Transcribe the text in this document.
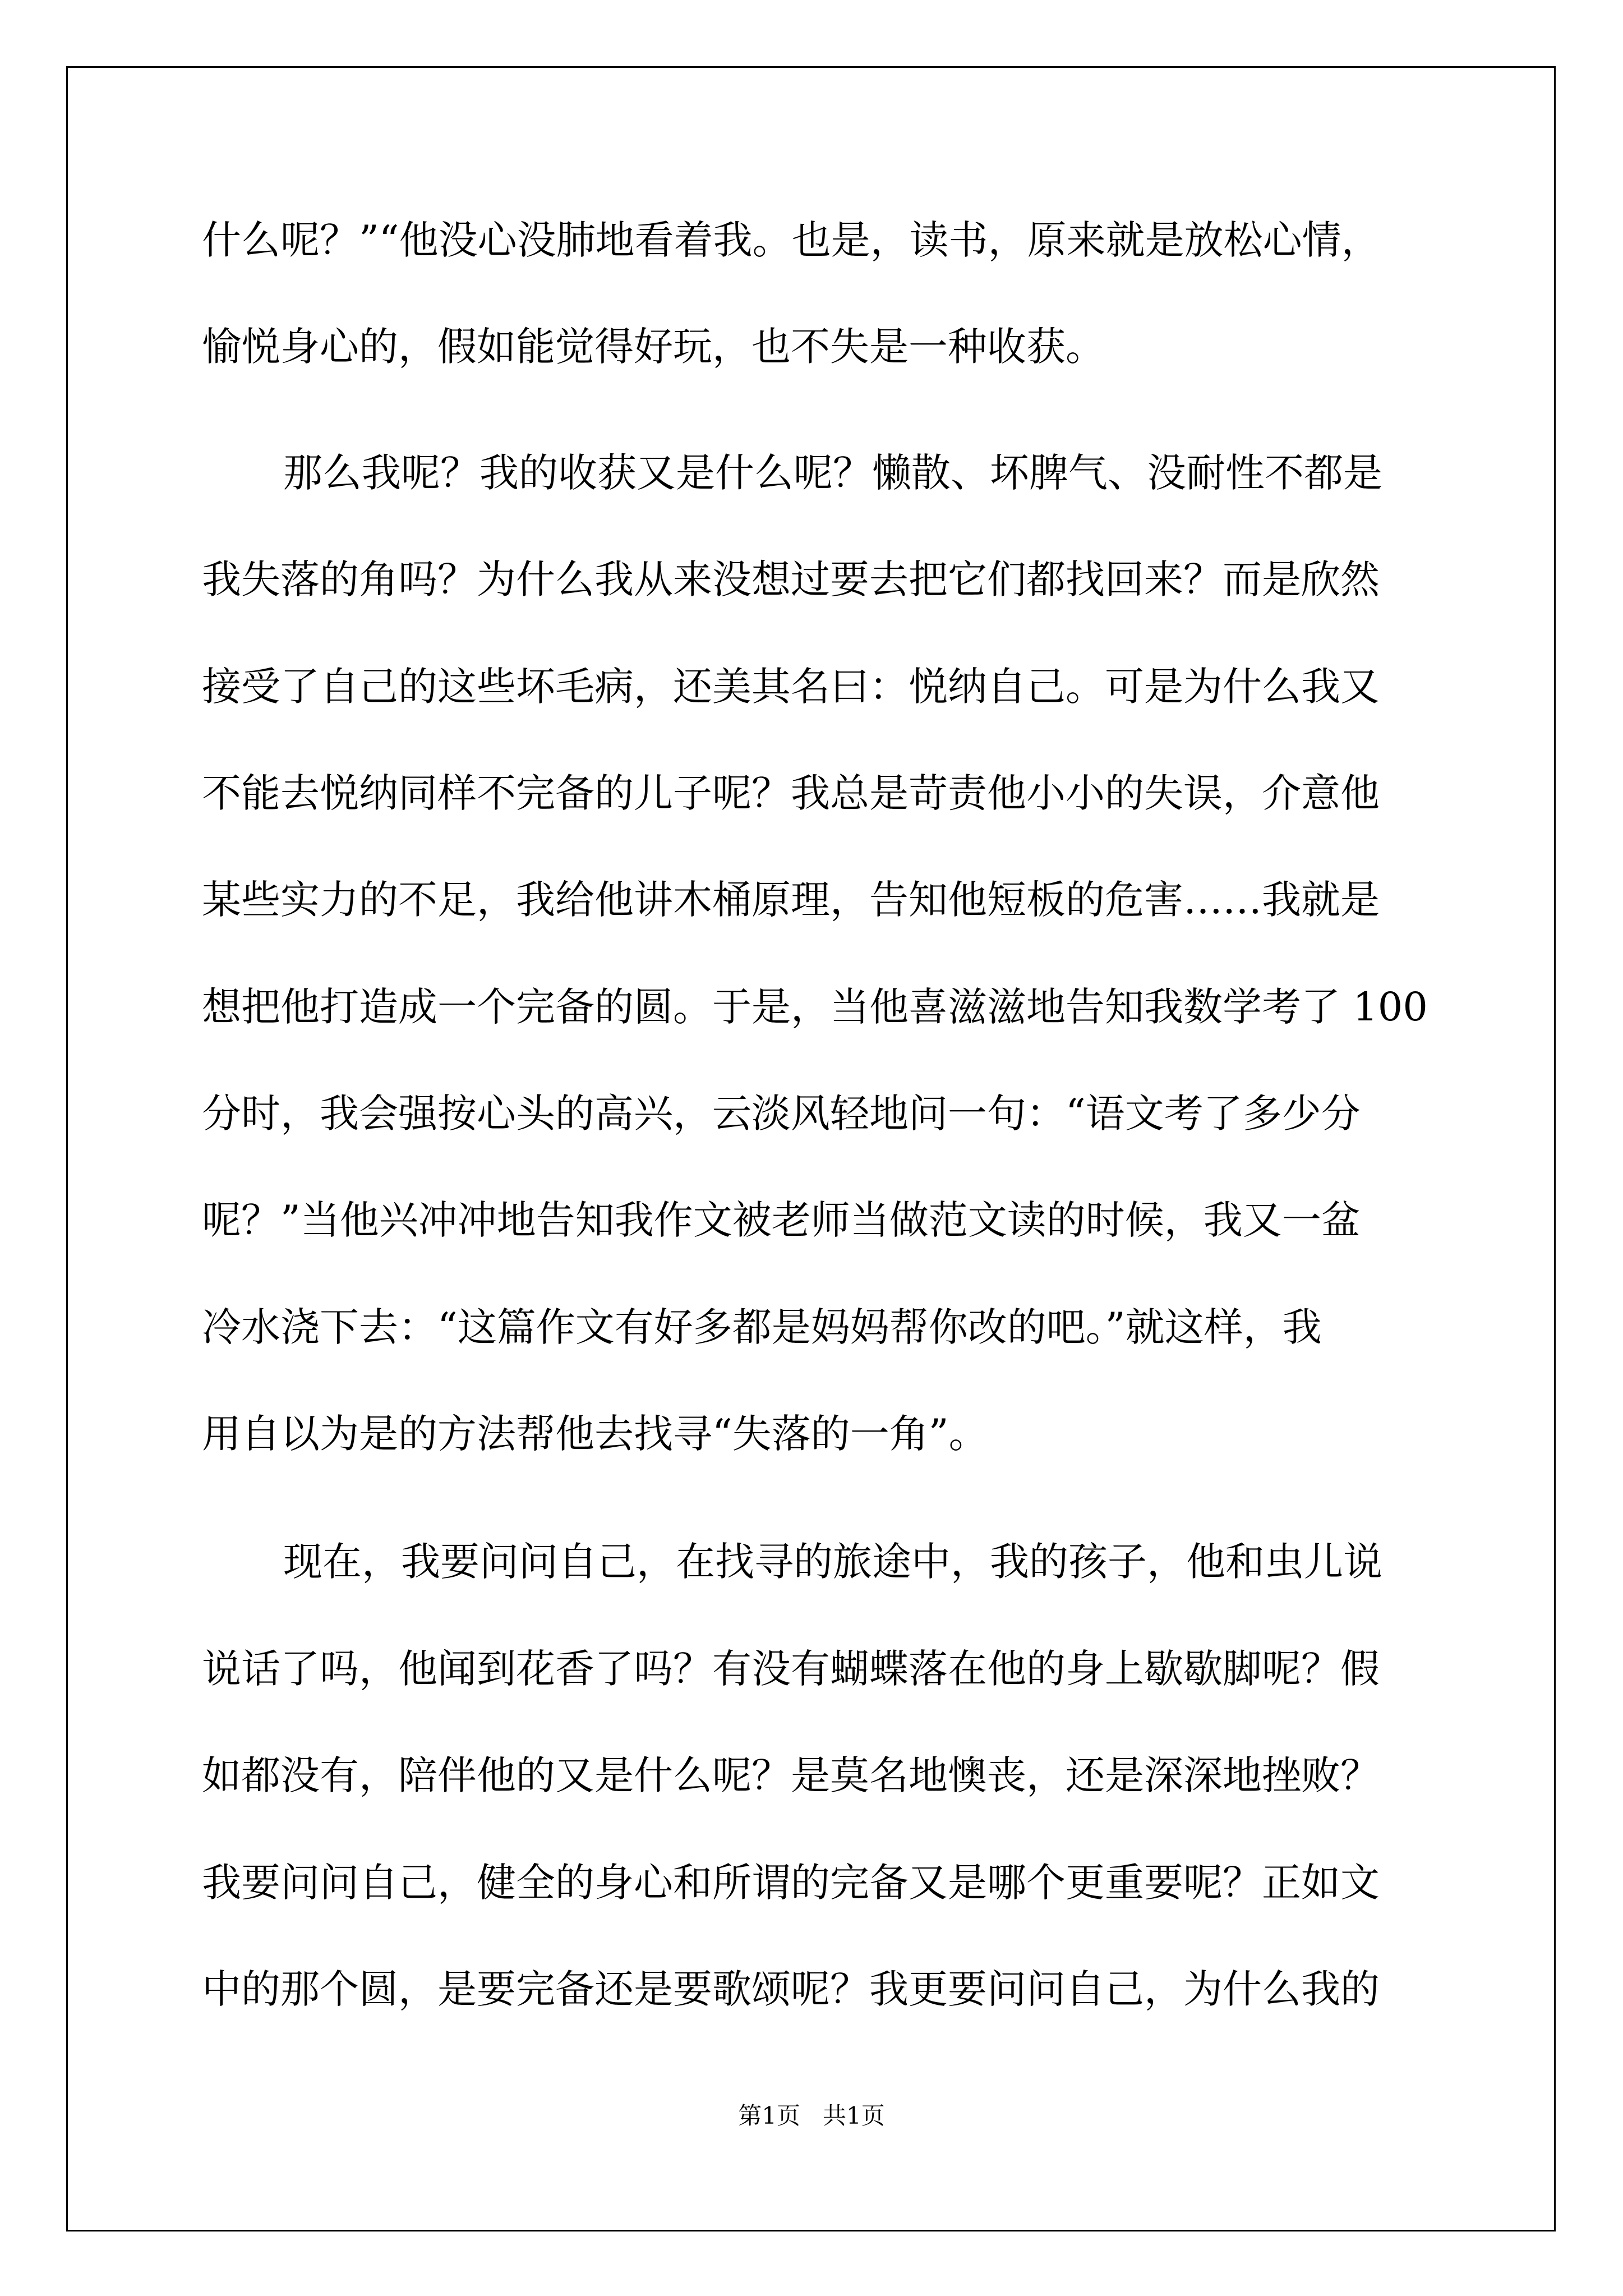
什么呢？”“他没心没肺地看着我。也是，读书，原来就是放松心情，
愉悦身心的，假如能觉得好玩，也不失是一种收获。
那么我呢？我的收获又是什么呢？懒散、坏脾气、没耐性不都是
我失落的角吗？为什么我从来没想过要去把它们都找回来？而是欣然
接受了自己的这些坏毛病，还美其名曰：悦纳自己。可是为什么我又
不能去悦纳同样不完备的儿子呢？我总是苛责他小小的失误，介意他
某些实力的不足，我给他讲木桶原理，告知他短板的危害……我就是
想把他打造成一个完备的圆。于是，当他喜滋滋地告知我数学考了 100
分时，我会强按心头的高兴，云淡风轻地问一句：“语文考了多少分
呢？”当他兴冲冲地告知我作文被老师当做范文读的时候，我又一盆
冷水浇下去：“这篇作文有好多都是妈妈帮你改的吧。”就这样，我
用自以为是的方法帮他去找寻“失落的一角”。
现在，我要问问自己，在找寻的旅途中，我的孩子，他和虫儿说
说话了吗，他闻到花香了吗？有没有蝴蝶落在他的身上歇歇脚呢？假
如都没有，陪伴他的又是什么呢？是莫名地懊丧，还是深深地挫败？
我要问问自己，健全的身心和所谓的完备又是哪个更重要呢？正如文
中的那个圆，是要完备还是要歌颂呢？我更要问问自己，为什么我的
第1页   共1页
